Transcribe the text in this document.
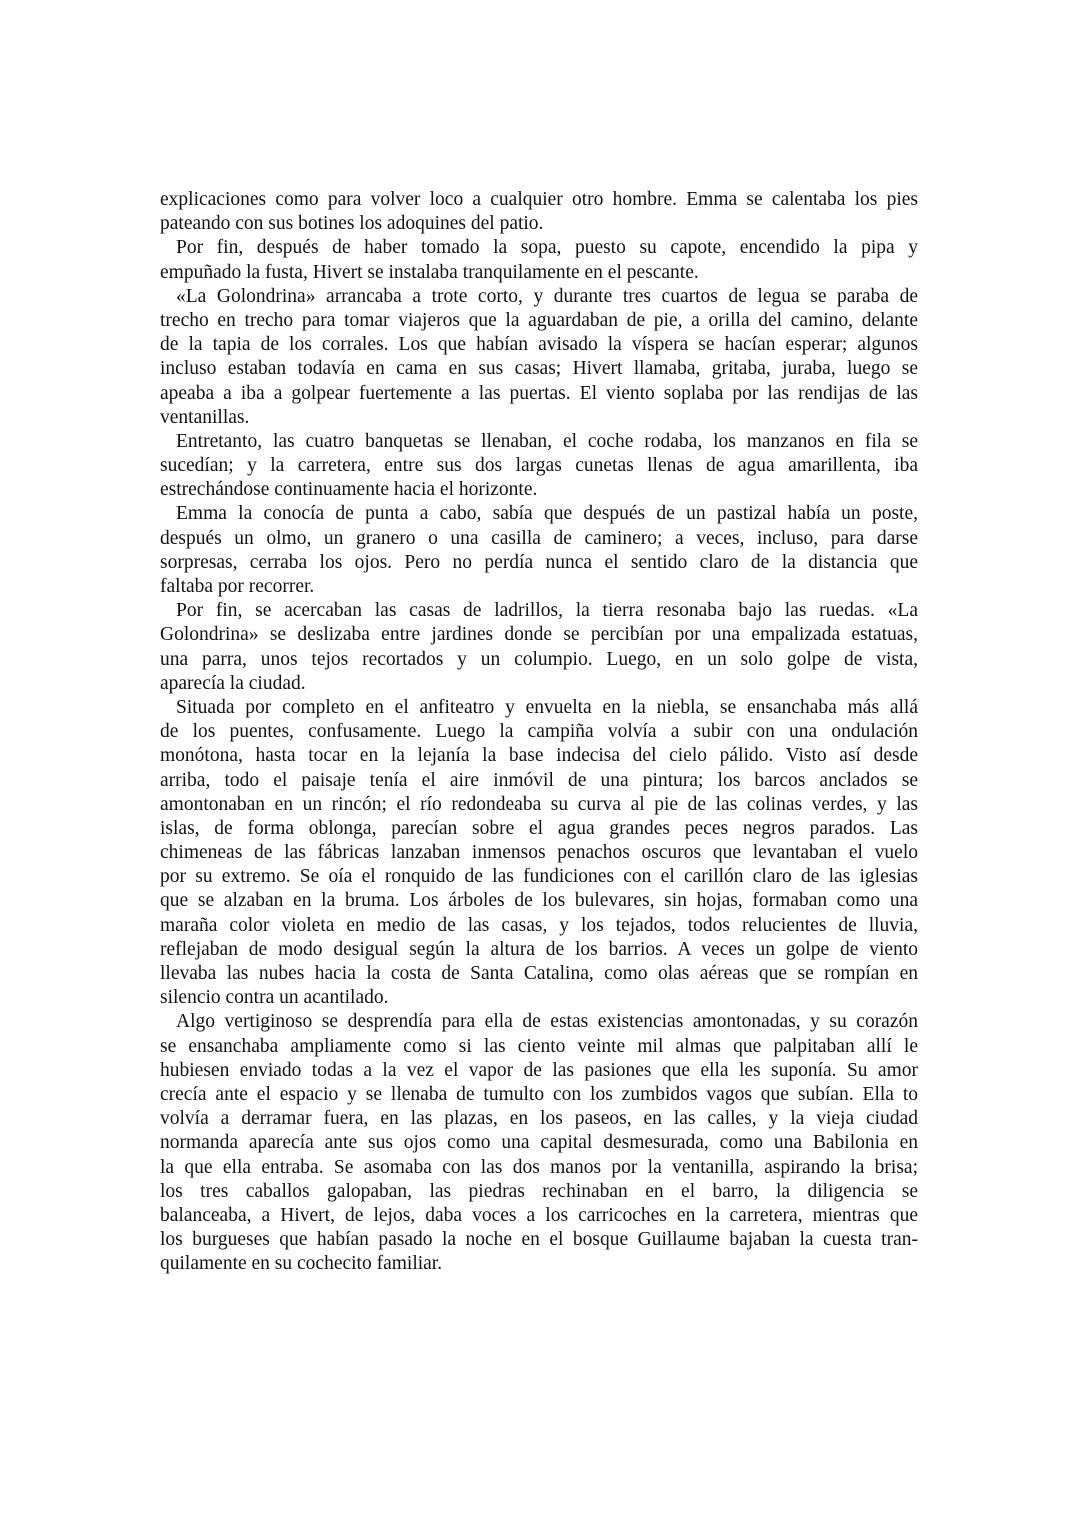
explicaciones como para volver loco a cualquier otro hombre. Emma se calentaba los pies
pateando con sus botines los adoquines del patio.
Por fin, después de haber tomado la sopa, puesto su capote, encendido la pipa y
empuñado la fusta, Hivert se instalaba tranquilamente en el pescante.
«La Golondrina» arrancaba a trote corto, y durante tres cuartos de legua se paraba de
trecho en trecho para tomar viajeros que la aguardaban de pie, a orilla del camino, delante
de la tapia de los corrales. Los que habían avisado la víspera se hacían esperar; algunos
incluso estaban todavía en cama en sus casas; Hivert llamaba, gritaba, juraba, luego se
apeaba a iba a golpear fuertemente a las puertas. El viento soplaba por las rendijas de las
ventanillas.
Entretanto, las cuatro banquetas se llenaban, el coche rodaba, los manzanos en fila se
sucedían; y la carretera, entre sus dos largas cunetas llenas de agua amarillenta, iba
estrechándose continuamente hacia el horizonte.
Emma la conocía de punta a cabo, sabía que después de un pastizal había un poste,
después un olmo, un granero o una casilla de caminero; a veces, incluso, para darse
sorpresas, cerraba los ojos. Pero no perdía nunca el sentido claro de la distancia que
faltaba por recorrer.
Por fin, se acercaban las casas de ladrillos, la tierra resonaba bajo las ruedas. «La
Golondrina» se deslizaba entre jardines donde se percibían por una empalizada estatuas,
una parra, unos tejos recortados y un columpio. Luego, en un solo golpe de vista,
aparecía la ciudad.
Situada por completo en el anfiteatro y envuelta en la niebla, se ensanchaba más allá
de los puentes, confusamente. Luego la campiña volvía a subir con una ondulación
monótona, hasta tocar en la lejanía la base indecisa del cielo pálido. Visto así desde
arriba, todo el paisaje tenía el aire inmóvil de una pintura; los barcos anclados se
amontonaban en un rincón; el río redondeaba su curva al pie de las colinas verdes, y las
islas, de forma oblonga, parecían sobre el agua grandes peces negros parados. Las
chimeneas de las fábricas lanzaban inmensos penachos oscuros que levantaban el vuelo
por su extremo. Se oía el ronquido de las fundiciones con el carillón claro de las iglesias
que se alzaban en la bruma. Los árboles de los bulevares, sin hojas, formaban como una
maraña color violeta en medio de las casas, y los tejados, todos relucientes de lluvia,
reflejaban de modo desigual según la altura de los barrios. A veces un golpe de viento
llevaba las nubes hacia la costa de Santa Catalina, como olas aéreas que se rompían en
silencio contra un acantilado.
Algo vertiginoso se desprendía para ella de estas existencias amontonadas, y su corazón
se ensanchaba ampliamente como si las ciento veinte mil almas que palpitaban allí le
hubiesen enviado todas a la vez el vapor de las pasiones que ella les suponía. Su amor
crecía ante el espacio y se llenaba de tumulto con los zumbidos vagos que subían. Ella to
volvía a derramar fuera, en las plazas, en los paseos, en las calles, y la vieja ciudad
normanda aparecía ante sus ojos como una capital desmesurada, como una Babilonia en
la que ella entraba. Se asomaba con las dos manos por la ventanilla, aspirando la brisa;
los tres caballos galopaban, las piedras rechinaban en el barro, la diligencia se
balanceaba, a Hivert, de lejos, daba voces a los carricoches en la carretera, mientras que
los burgueses que habían pasado la noche en el bosque Guillaume bajaban la cuesta tran-
quilamente en su cochecito familiar.
